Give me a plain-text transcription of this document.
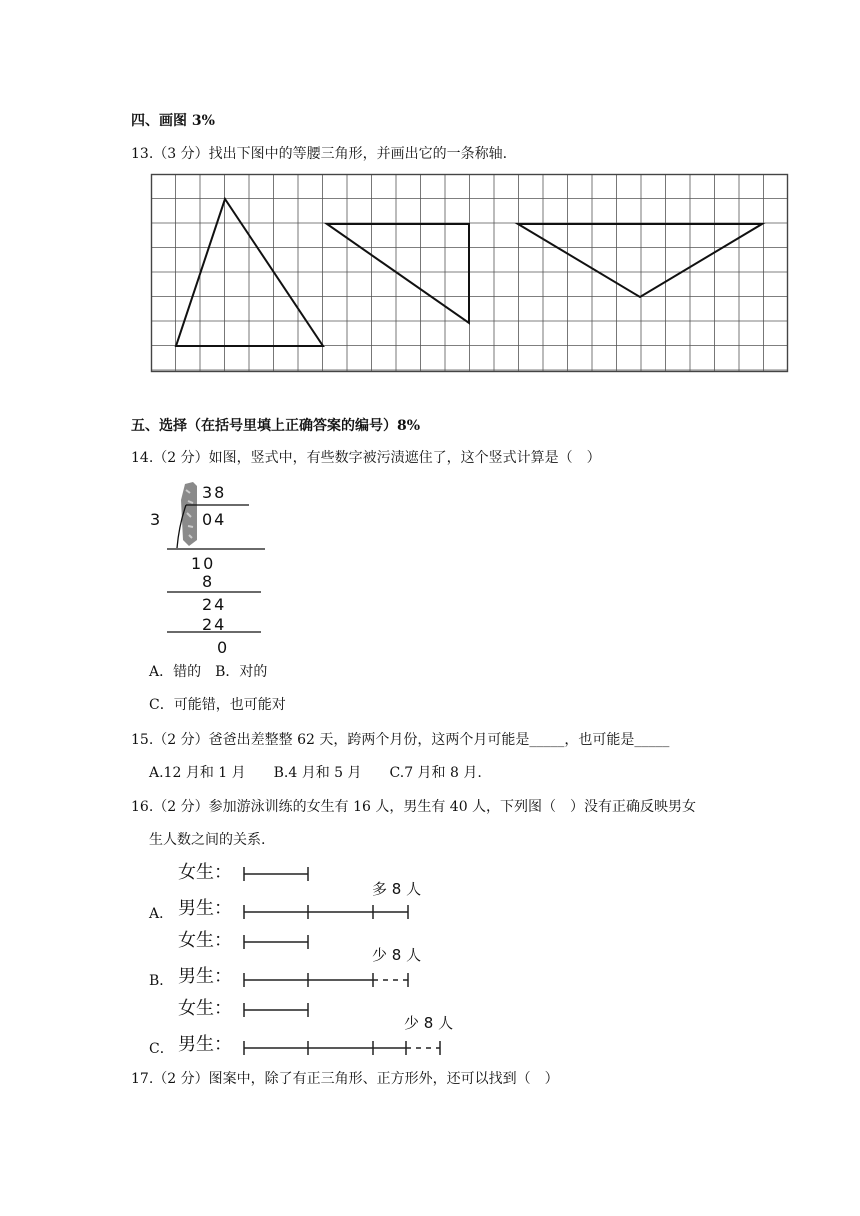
四、画图 3%
13.（3 分）找出下图中的等腰三角形，并画出它的一条称轴.
五、选择（在括号里填上正确答案的编号）8%
14.（2 分）如图，竖式中，有些数字被污渍遮住了，这个竖式计算是（　）
38
3	04
10
8
24
24
0
A．错的　B．对的
C．可能错，也可能对
15.（2 分）爸爸出差整整 62 天，跨两个月份，这两个月可能是_____，也可能是_____
A.12 月和 1 月　　B.4 月和 5 月　　C.7 月和 8 月.
16.（2 分）参加游泳训练的女生有 16 人，男生有 40 人，下列图（　）没有正确反映男女
生人数之间的关系.
女生：
多 8 人
A． 男生：
女生：
少 8 人
B． 男生：
女生：
少 8 人
C． 男生：
17.（2 分）图案中，除了有正三角形、正方形外，还可以找到（　）
